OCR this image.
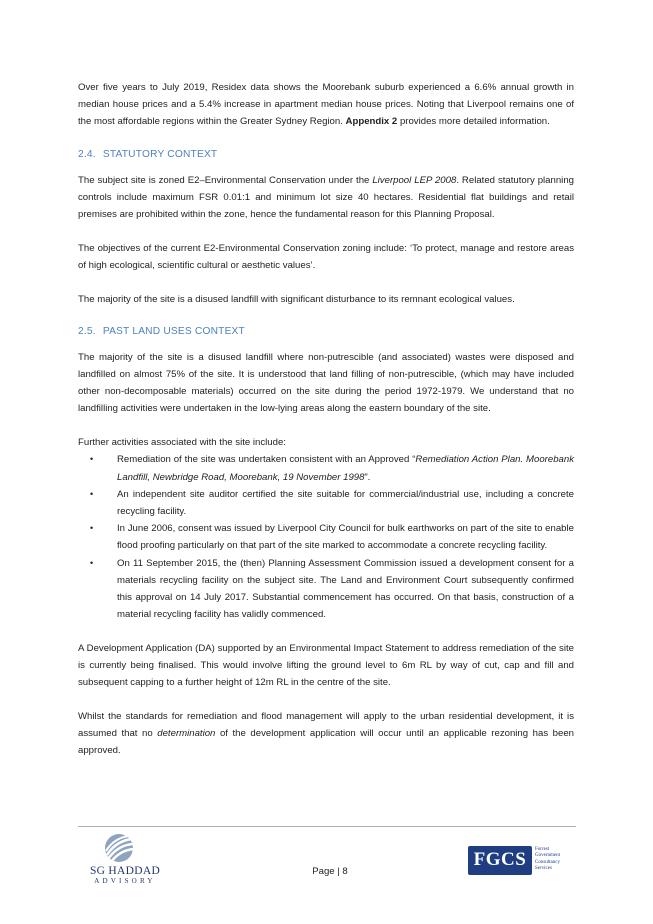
Over five years to July 2019, Residex data shows the Moorebank suburb experienced a 6.6% annual growth in median house prices and a 5.4% increase in apartment median house prices. Noting that Liverpool remains one of the most affordable regions within the Greater Sydney Region. Appendix 2 provides more detailed information.

2.4. STATUTORY CONTEXT

The subject site is zoned E2–Environmental Conservation under the Liverpool LEP 2008. Related statutory planning controls include maximum FSR 0.01:1 and minimum lot size 40 hectares. Residential flat buildings and retail premises are prohibited within the zone, hence the fundamental reason for this Planning Proposal.

The objectives of the current E2-Environmental Conservation zoning include: ‘To protect, manage and restore areas of high ecological, scientific cultural or aesthetic values’.

The majority of the site is a disused landfill with significant disturbance to its remnant ecological values.

2.5. PAST LAND USES CONTEXT

The majority of the site is a disused landfill where non-putrescible (and associated) wastes were disposed and landfilled on almost 75% of the site. It is understood that land filling of non-putrescible, (which may have included other non-decomposable materials) occurred on the site during the period 1972-1979. We understand that no landfilling activities were undertaken in the low-lying areas along the eastern boundary of the site.

Further activities associated with the site include:

• Remediation of the site was undertaken consistent with an Approved “Remediation Action Plan. Moorebank Landfill, Newbridge Road, Moorebank, 19 November 1998”.
• An independent site auditor certified the site suitable for commercial/industrial use, including a concrete recycling facility.
• In June 2006, consent was issued by Liverpool City Council for bulk earthworks on part of the site to enable flood proofing particularly on that part of the site marked to accommodate a concrete recycling facility.
• On 11 September 2015, the (then) Planning Assessment Commission issued a development consent for a materials recycling facility on the subject site. The Land and Environment Court subsequently confirmed this approval on 14 July 2017. Substantial commencement has occurred. On that basis, construction of a material recycling facility has validly commenced.

A Development Application (DA) supported by an Environmental Impact Statement to address remediation of the site is currently being finalised. This would involve lifting the ground level to 6m RL by way of cut, cap and fill and subsequent capping to a further height of 12m RL in the centre of the site.

Whilst the standards for remediation and flood management will apply to the urban residential development, it is assumed that no determination of the development application will occur until an applicable rezoning has been approved.

SG HADDAD
ADVISORY
Page | 8
FGCS	Forrest
Government
Consultancy
Services
